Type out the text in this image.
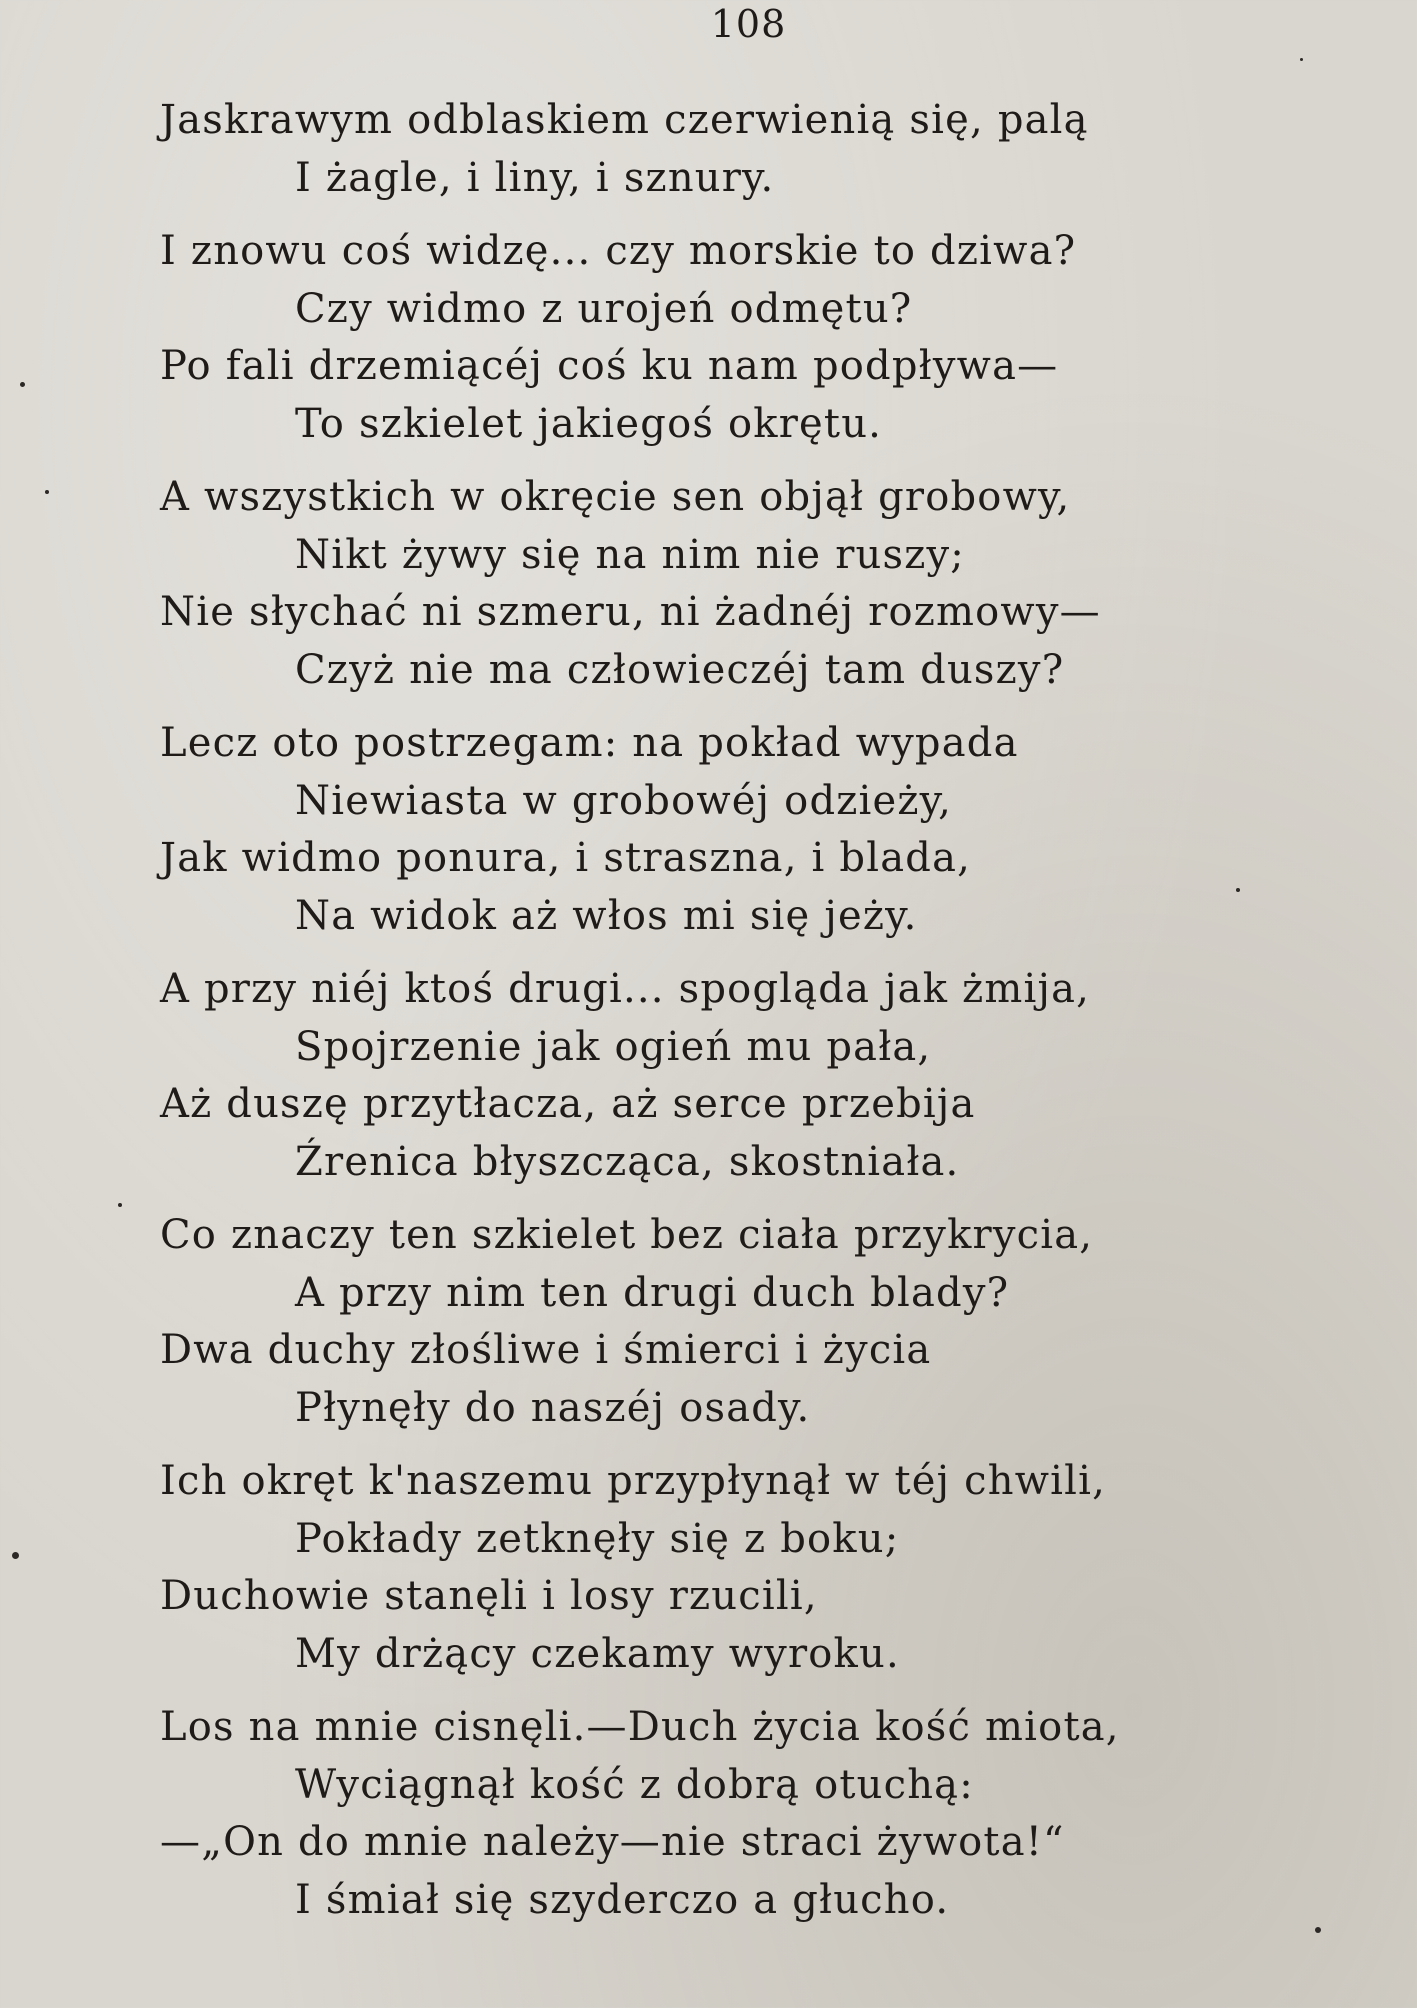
108
Jaskrawym odblaskiem czerwienią się, palą
I żagle, i liny, i sznury.
I znowu coś widzę... czy morskie to dziwa?
Czy widmo z urojeń odmętu?
Po fali drzemiącéj coś ku nam podpływa—
To szkielet jakiegoś okrętu.
A wszystkich w okręcie sen objął grobowy,
Nikt żywy się na nim nie ruszy;
Nie słychać ni szmeru, ni żadnéj rozmowy—
Czyż nie ma człowieczéj tam duszy?
Lecz oto postrzegam: na pokład wypada
Niewiasta w grobowéj odzieży,
Jak widmo ponura, i straszna, i blada,
Na widok aż włos mi się jeży.
A przy niéj ktoś drugi... spogląda jak żmija,
Spojrzenie jak ogień mu pała,
Aż duszę przytłacza, aż serce przebija
Źrenica błyszcząca, skostniała.
Co znaczy ten szkielet bez ciała przykrycia,
A przy nim ten drugi duch blady?
Dwa duchy złośliwe i śmierci i życia
Płynęły do naszéj osady.
Ich okręt k'naszemu przypłynął w téj chwili,
Pokłady zetknęły się z boku;
Duchowie stanęli i losy rzucili,
My drżący czekamy wyroku.
Los na mnie cisnęli.—Duch życia kość miota,
Wyciągnął kość z dobrą otuchą:
—„On do mnie należy—nie straci żywota!“
I śmiał się szyderczo a głucho.
